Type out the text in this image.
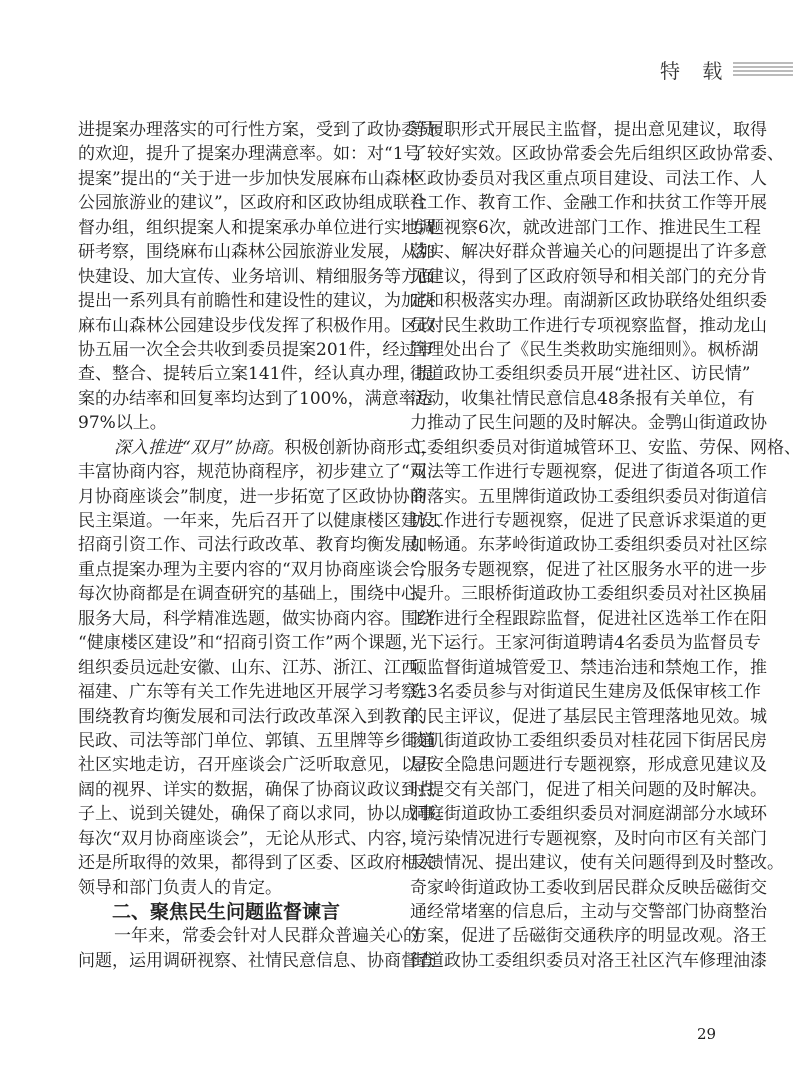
特 载
进提案办理落实的可行性方案，受到了政协委员
的欢迎，提升了提案办理满意率。如：对“1号
提案”提出的“关于进一步加快发展麻布山森林
公园旅游业的建议”，区政府和区政协组成联合
督办组，组织提案人和提案承办单位进行实地调
研考察，围绕麻布山森林公园旅游业发展，从加
快建设、加大宣传、业务培训、精细服务等方面
提出一系列具有前瞻性和建设性的建议，为加快
麻布山森林公园建设步伐发挥了积极作用。区政
协五届一次全会共收到委员提案201件，经过审
查、整合、提转后立案141件，经认真办理，提
案的办结率和回复率均达到了100%，满意率达
97%以上。
深入推进“双月”协商。积极创新协商形式，
丰富协商内容，规范协商程序，初步建立了“双
月协商座谈会”制度，进一步拓宽了区政协协商
民主渠道。一年来，先后召开了以健康楼区建设、
招商引资工作、司法行政改革、教育均衡发展、
重点提案办理为主要内容的“双月协商座谈会”，
每次协商都是在调查研究的基础上，围绕中心、
服务大局，科学精准选题，做实协商内容。围绕
“健康楼区建设”和“招商引资工作”两个课题，
组织委员远赴安徽、山东、江苏、浙江、江西、
福建、广东等有关工作先进地区开展学习考察；
围绕教育均衡发展和司法行政改革深入到教育、
民政、司法等部门单位、郭镇、五里牌等乡街道
社区实地走访，召开座谈会广泛听取意见，以开
阔的视界、详实的数据，确保了协商议政议到点
子上、说到关键处，确保了商以求同，协以成事。
每次“双月协商座谈会”，无论从形式、内容，
还是所取得的效果，都得到了区委、区政府相关
领导和部门负责人的肯定。
二、聚焦民生问题监督谏言
一年来，常委会针对人民群众普遍关心的
问题，运用调研视察、社情民意信息、协商督查
等履职形式开展民主监督，提出意见建议，取得
了较好实效。区政协常委会先后组织区政协常委、
区政协委员对我区重点项目建设、司法工作、人
社工作、教育工作、金融工作和扶贫工作等开展
专题视察6次，就改进部门工作、推进民生工程
落实、解决好群众普遍关心的问题提出了许多意
见建议，得到了区政府领导和相关部门的充分肯
定和积极落实办理。南湖新区政协联络处组织委
员对民生救助工作进行专项视察监督，推动龙山
管理处出台了《民生类救助实施细则》。枫桥湖
街道政协工委组织委员开展“进社区、访民情”
活动，收集社情民意信息48条报有关单位，有
力推动了民生问题的及时解决。金鹗山街道政协
工委组织委员对街道城管环卫、安监、劳保、网格、
司法等工作进行专题视察，促进了街道各项工作
的落实。五里牌街道政协工委组织委员对街道信
访工作进行专题视察，促进了民意诉求渠道的更
加畅通。东茅岭街道政协工委组织委员对社区综
合服务专题视察，促进了社区服务水平的进一步
提升。三眼桥街道政协工委组织委员对社区换届
工作进行全程跟踪监督，促进社区选举工作在阳
光下运行。王家河街道聘请4名委员为监督员专
项监督街道城管爱卫、禁违治违和禁炮工作，推
选3名委员参与对街道民生建房及低保审核工作
的民主评议，促进了基层民主管理落地见效。城
陵矶街道政协工委组织委员对桂花园下街居民房
屋安全隐患问题进行专题视察，形成意见建议及
时提交有关部门，促进了相关问题的及时解决。
洞庭街道政协工委组织委员对洞庭湖部分水域环
境污染情况进行专题视察，及时向市区有关部门
反馈情况、提出建议，使有关问题得到及时整改。
奇家岭街道政协工委收到居民群众反映岳磁街交
通经常堵塞的信息后，主动与交警部门协商整治
方案，促进了岳磁街交通秩序的明显改观。洛王
街道政协工委组织委员对洛王社区汽车修理油漆
29
